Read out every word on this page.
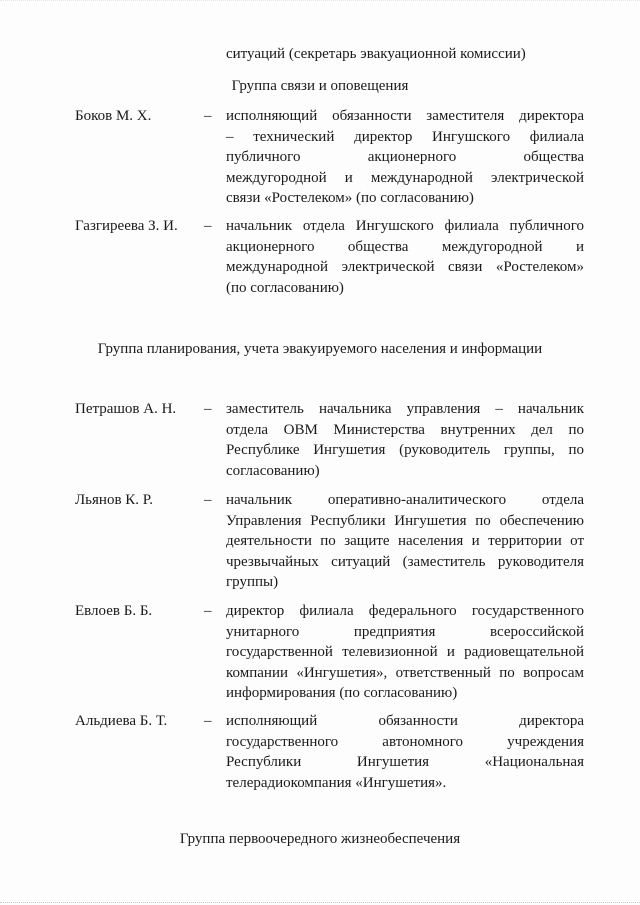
ситуаций (секретарь эвакуационной комиссии)
Группа связи и оповещения
Боков М. Х.	– исполняющий обязанности заместителя директора
– технический директор Ингушского филиала
публичного акционерного общества
междугородной и международной электрической
связи «Ростелеком» (по согласованию)
Газгиреева З. И. – начальник отдела Ингушского филиала публичного
акционерного общества междугородной и
международной электрической связи «Ростелеком»
(по согласованию)
Группа планирования, учета эвакуируемого населения и информации
Петрашов А. Н. – заместитель начальника управления – начальник
отдела ОВМ Министерства внутренних дел по
Республике Ингушетия (руководитель группы, по
согласованию)
Льянов К. Р.	– начальник оперативно-аналитического отдела
Управления Республики Ингушетия по обеспечению
деятельности по защите населения и территории от
чрезвычайных ситуаций (заместитель руководителя
группы)
Евлоев Б. Б.	– директор филиала федерального государственного
унитарного предприятия всероссийской
государственной телевизионной и радиовещательной
компании «Ингушетия», ответственный по вопросам
информирования (по согласованию)
Альдиева Б. Т. – исполняющий обязанности директора
государственного автономного учреждения
Республики Ингушетия «Национальная
телерадиокомпания «Ингушетия».
Группа первоочередного жизнеобеспечения
